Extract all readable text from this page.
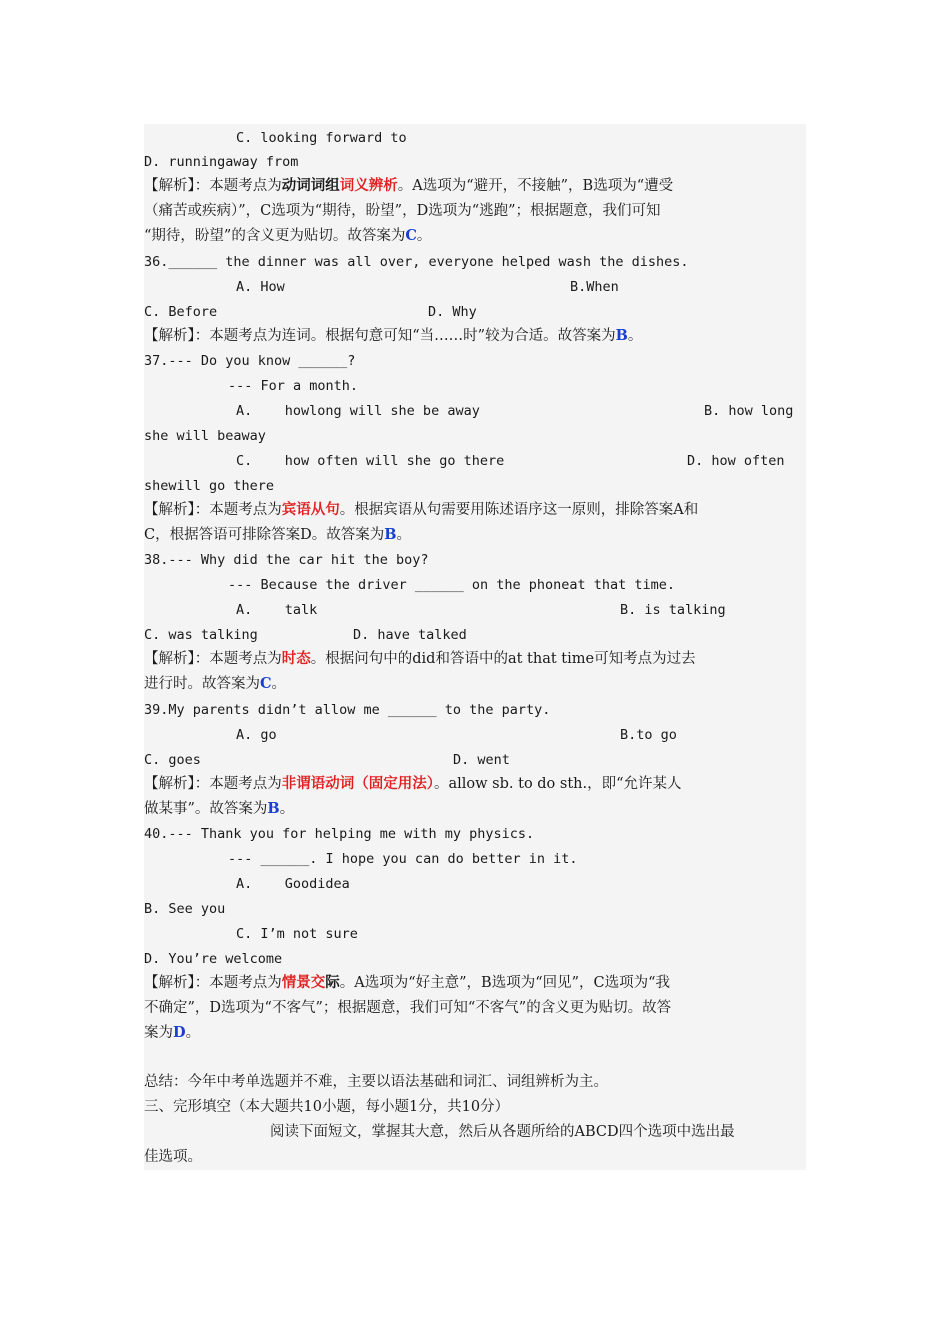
C. looking forward to
D. runningaway from
【解析】：本题考点为动词词组词义辨析。A选项为“避开，不接触”，B选项为“遭受
（痛苦或疾病）”，C选项为“期待，盼望”，D选项为“逃跑”；根据题意，我们可知
“期待，盼望”的含义更为贴切。故答案为C。
36.______ the dinner was all over, everyone helped wash the dishes.
A. How	B.When
C. Before	D. Why
【解析】：本题考点为连词。根据句意可知“当……时”较为合适。故答案为B。
37.--- Do you know ______?
--- For a month.
A.    howlong will she be away	B. how long
she will beaway
C.    how often will she go there	D. how often
shewill go there
【解析】：本题考点为宾语从句。根据宾语从句需要用陈述语序这一原则，排除答案A和
C，根据答语可排除答案D。故答案为B。
38.--- Why did the car hit the boy?
--- Because the driver ______ on the phoneat that time.
A.    talk	B. is talking
C. was talking	D. have talked
【解析】：本题考点为时态。根据问句中的did和答语中的at that time可知考点为过去
进行时。故答案为C。
39.My parents didn’t allow me ______ to the party.
A. go	B.to go
C. goes	D. went
【解析】：本题考点为非谓语动词（固定用法）。allow sb. to do sth.，即“允许某人
做某事”。故答案为B。
40.--- Thank you for helping me with my physics.
--- ______. I hope you can do better in it.
A.    Goodidea
B. See you
C. I’m not sure
D. You’re welcome
【解析】：本题考点为情景交际。A选项为“好主意”，B选项为“回见”，C选项为“我
不确定”，D选项为“不客气”；根据题意，我们可知“不客气”的含义更为贴切。故答
案为D。
总结：今年中考单选题并不难，主要以语法基础和词汇、词组辨析为主。
三、完形填空（本大题共10小题，每小题1分，共10分）
阅读下面短文，掌握其大意，然后从各题所给的ABCD四个选项中选出最
佳选项。
